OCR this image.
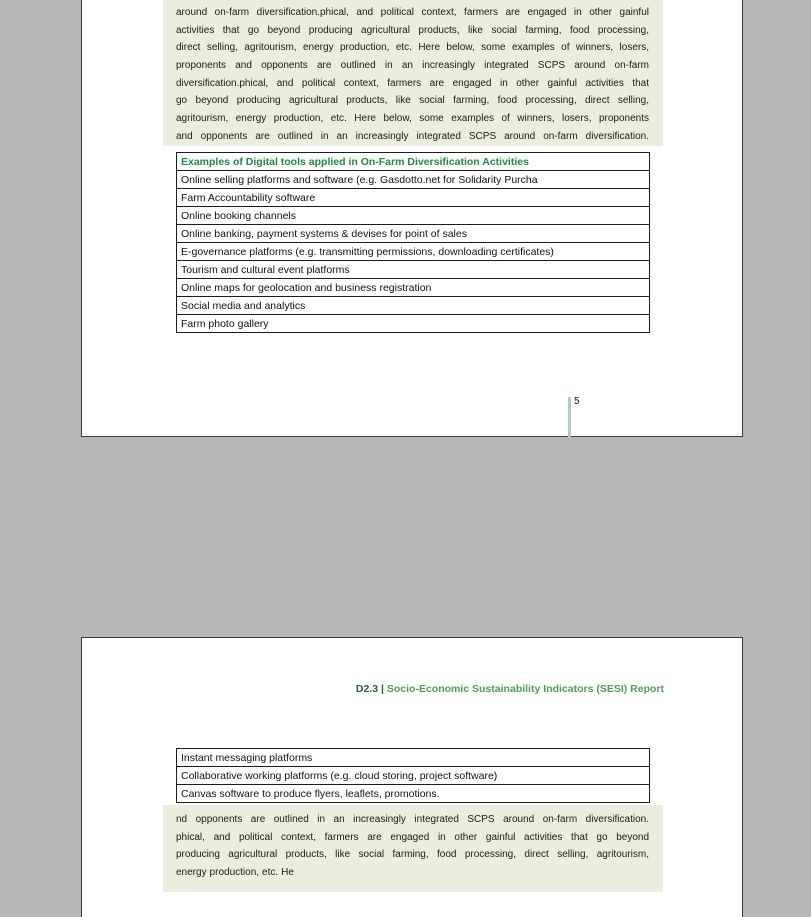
around on-farm diversification.phical, and political context, farmers are engaged in other gainful
activities that go beyond producing agricultural products, like social farming, food processing,
direct selling, agritourism, energy production, etc. Here below, some examples of winners, losers,
proponents and opponents are outlined in an increasingly integrated SCPS around on-farm
diversification.phical, and political context, farmers are engaged in other gainful activities that
go beyond producing agricultural products, like social farming, food processing, direct selling,
agritourism, energy production, etc. Here below, some examples of winners, losers, proponents
and opponents are outlined in an increasingly integrated SCPS around on-farm diversification.
Examples of Digital tools applied in On-Farm Diversification Activities
Online selling platforms and software (e.g. Gasdotto.net for Solidarity Purcha
Farm Accountability software
Online booking channels
Online banking, payment systems & devises for point of sales
E-governance platforms (e.g. transmitting permissions, downloading certificates)
Tourism and cultural event platforms
Online maps for geolocation and business registration
Social media and analytics
Farm photo gallery
5
D2.3 | Socio-Economic Sustainability Indicators (SESI) Report
Instant messaging platforms
Collaborative working platforms (e.g. cloud storing, project software)
Canvas software to produce flyers, leaflets, promotions.
nd opponents are outlined in an increasingly integrated SCPS around on-farm diversification.
phical, and political context, farmers are engaged in other gainful activities that go beyond
producing agricultural products, like social farming, food processing, direct selling, agritourism,
energy production, etc. He
